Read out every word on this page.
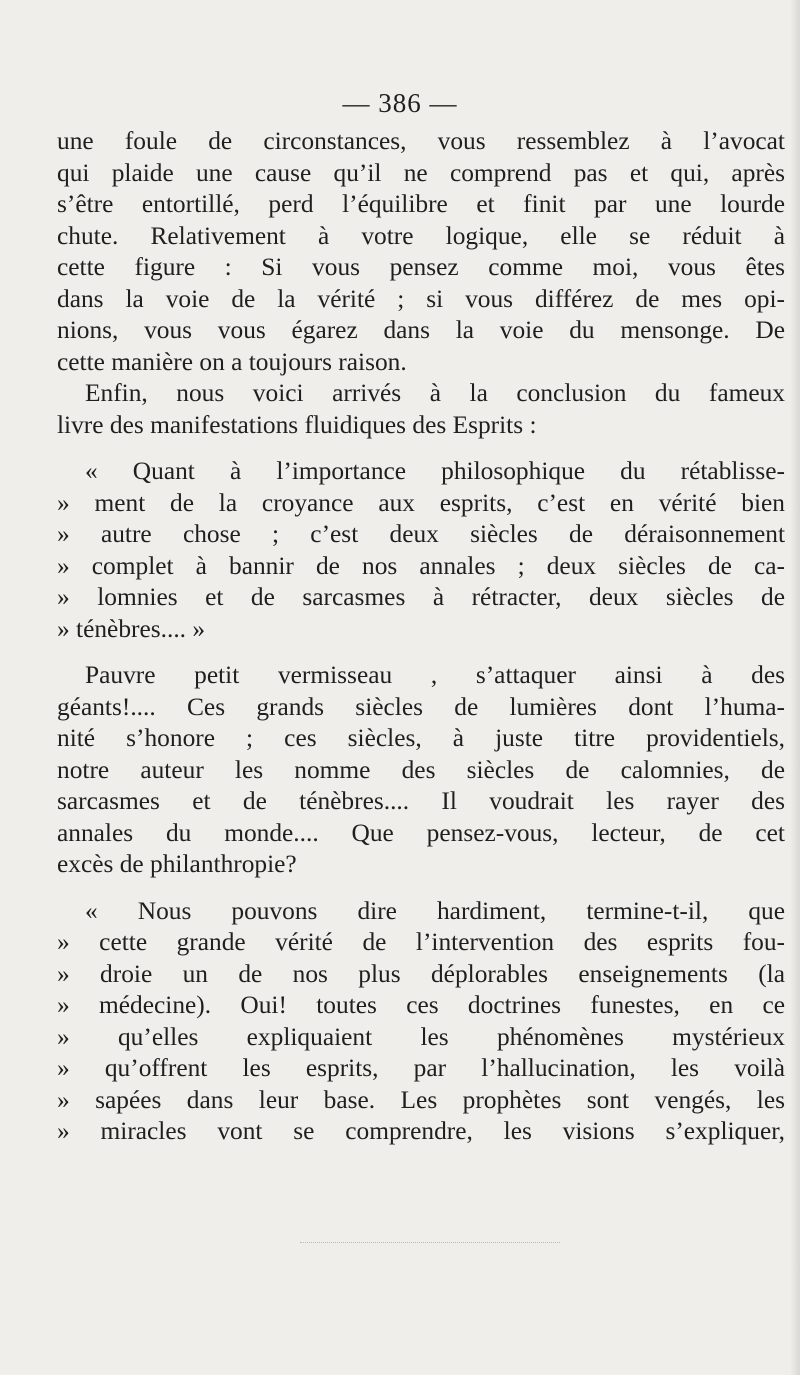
— 386 —
une foule de circonstances, vous ressemblez à l’avocat
qui plaide une cause qu’il ne comprend pas et qui, après
s’être entortillé, perd l’équilibre et finit par une lourde
chute. Relativement à votre logique, elle se réduit à
cette figure : Si vous pensez comme moi, vous êtes
dans la voie de la vérité ; si vous différez de mes opi-
nions, vous vous égarez dans la voie du mensonge. De
cette manière on a toujours raison.
Enfin, nous voici arrivés à la conclusion du fameux
livre des manifestations fluidiques des Esprits :
« Quant à l’importance philosophique du rétablisse-
» ment de la croyance aux esprits, c’est en vérité bien
» autre chose ; c’est deux siècles de déraisonnement
» complet à bannir de nos annales ; deux siècles de ca-
» lomnies et de sarcasmes à rétracter, deux siècles de
» ténèbres.... »
Pauvre petit vermisseau , s’attaquer ainsi à des
géants!.... Ces grands siècles de lumières dont l’huma-
nité s’honore ; ces siècles, à juste titre providentiels,
notre auteur les nomme des siècles de calomnies, de
sarcasmes et de ténèbres.... Il voudrait les rayer des
annales du monde.... Que pensez-vous, lecteur, de cet
excès de philanthropie?
« Nous pouvons dire hardiment, termine-t-il, que
» cette grande vérité de l’intervention des esprits fou-
» droie un de nos plus déplorables enseignements (la
» médecine). Oui! toutes ces doctrines funestes, en ce
» qu’elles expliquaient les phénomènes mystérieux
» qu’offrent les esprits, par l’hallucination, les voilà
» sapées dans leur base. Les prophètes sont vengés, les
» miracles vont se comprendre, les visions s’expliquer,
